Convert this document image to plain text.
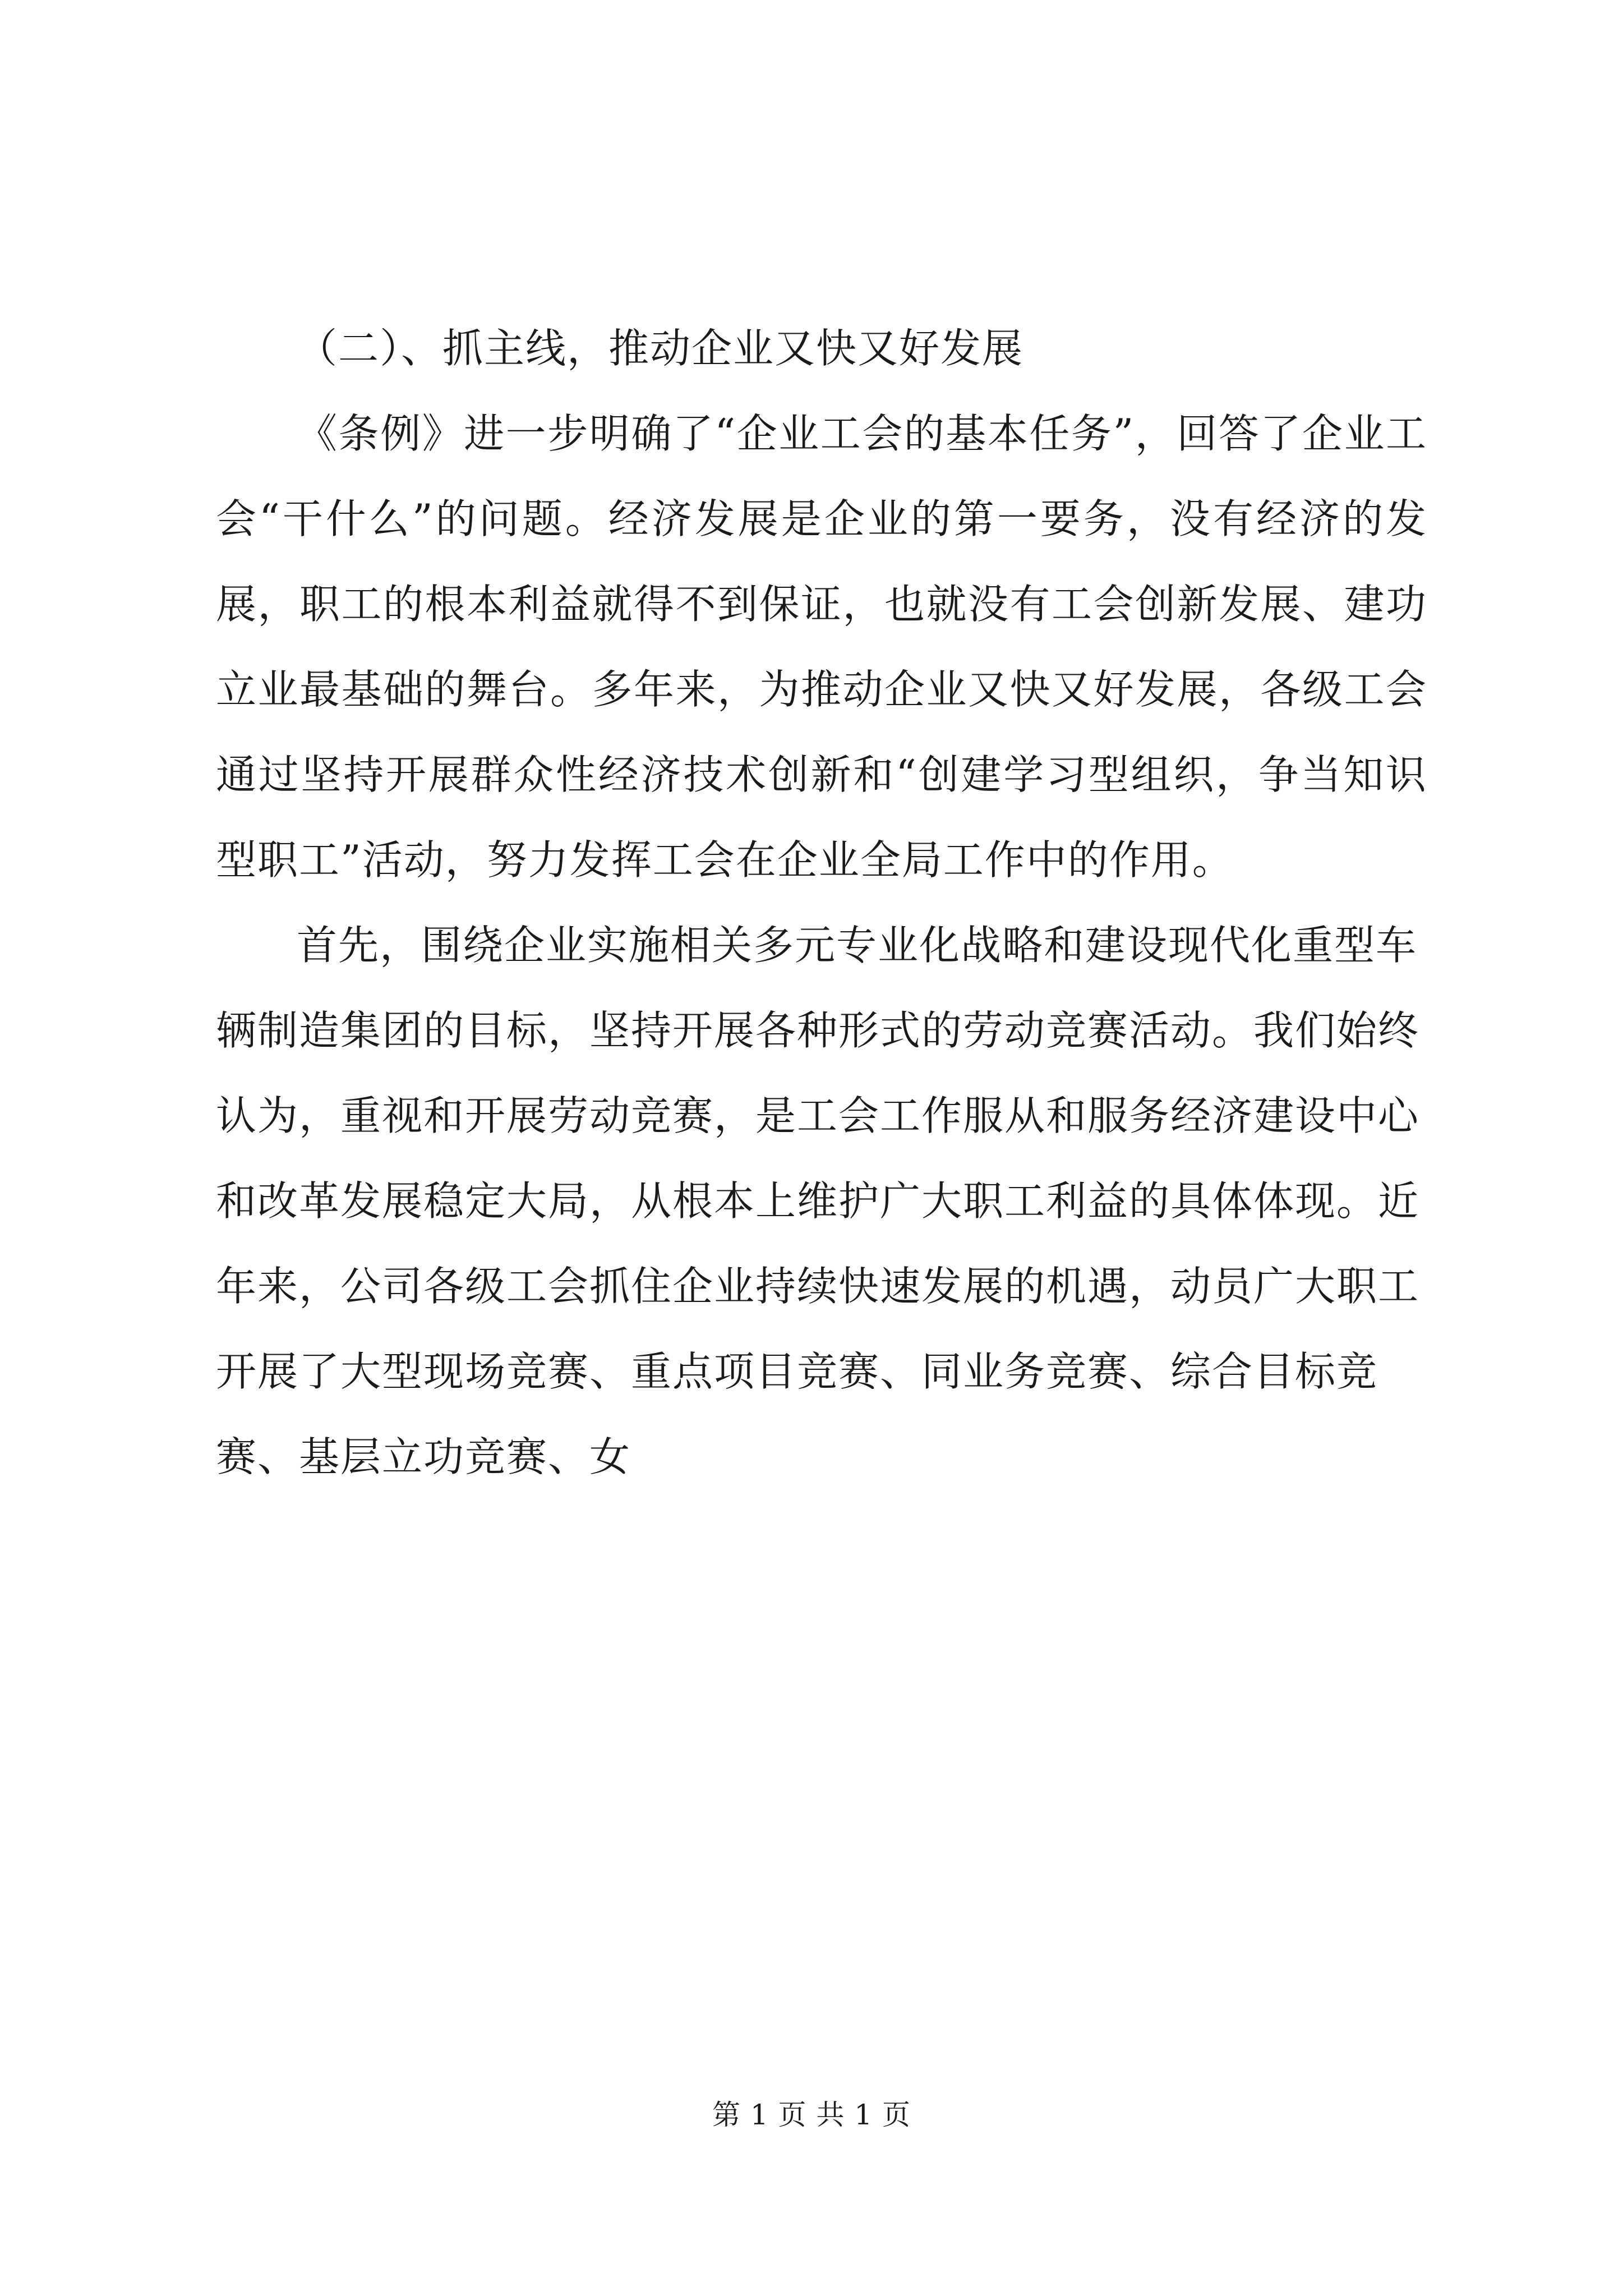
（二）、抓主线，推动企业又快又好发展

《条例》进一步明确了“企业工会的基本任务”，回答了企业工会“干什么”的问题。经济发展是企业的第一要务，没有经济的发展，职工的根本利益就得不到保证，也就没有工会创新发展、建功立业最基础的舞台。多年来，为推动企业又快又好发展，各级工会通过坚持开展群众性经济技术创新和“创建学习型组织，争当知识型职工”活动，努力发挥工会在企业全局工作中的作用。

首先，围绕企业实施相关多元专业化战略和建设现代化重型车辆制造集团的目标，坚持开展各种形式的劳动竞赛活动。我们始终认为，重视和开展劳动竞赛，是工会工作服从和服务经济建设中心和改革发展稳定大局，从根本上维护广大职工利益的具体体现。近年来，公司各级工会抓住企业持续快速发展的机遇，动员广大职工开展了大型现场竞赛、重点项目竞赛、同业务竞赛、综合目标竞赛、基层立功竞赛、女

第 1 页 共 1 页
